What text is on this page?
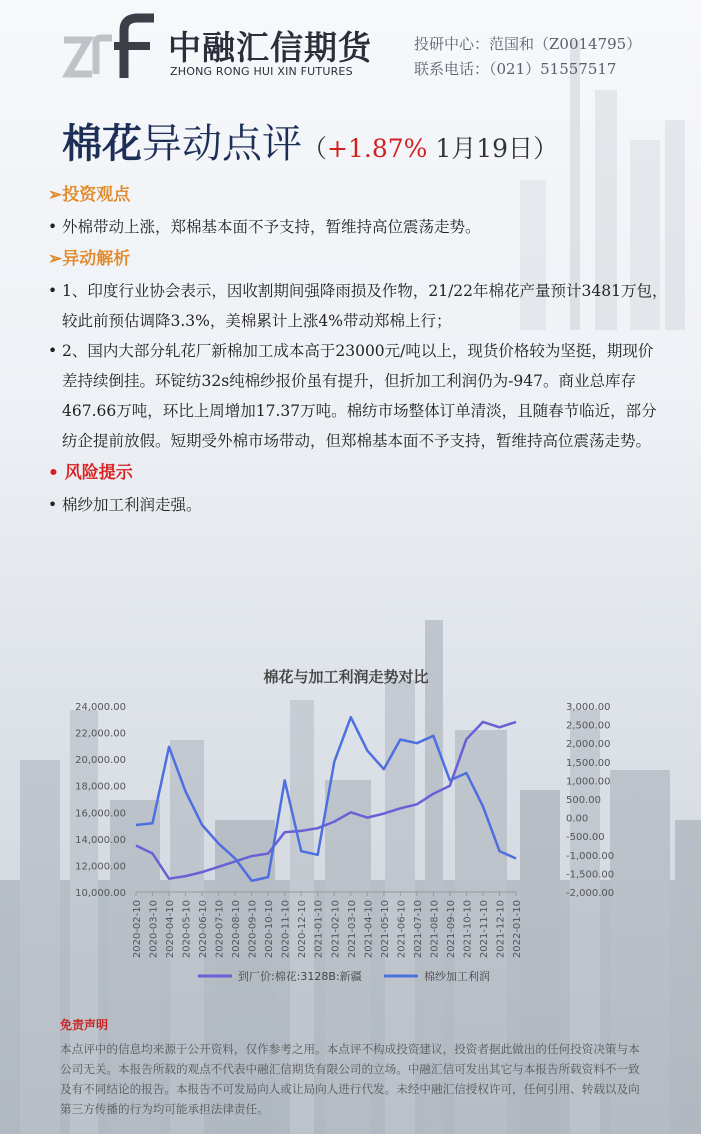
中融汇信期货
ZHONG RONG HUI XIN FUTURES
投研中心：范国和（Z0014795）
联系电话：（021）51557517
棉花异动点评（+1.87% 1月19日）
➢投资观点
• 外棉带动上涨，郑棉基本面不予支持，暂维持高位震荡走势。
➢异动解析
• 1、印度行业协会表示，因收割期间强降雨损及作物，21/22年棉花产量预计3481万包，较此前预估调降3.3%，美棉累计上涨4%带动郑棉上行；
• 2、国内大部分轧花厂新棉加工成本高于23000元/吨以上，现货价格较为坚挺，期现价差持续倒挂。环锭纺32s纯棉纱报价虽有提升，但折加工利润仍为-947。商业总库存467.66万吨，环比上周增加17.37万吨。棉纺市场整体订单清淡，且随春节临近，部分纺企提前放假。短期受外棉市场带动，但郑棉基本面不予支持，暂维持高位震荡走势。
• 风险提示
• 棉纱加工利润走强。
棉花与加工利润走势对比
10,000.00
12,000.00
14,000.00
16,000.00
18,000.00
20,000.00
22,000.00
24,000.00
-2,000.00
-1,500.00
-1,000.00
-500.00
0.00
500.00
1,000.00
1,500.00
2,000.00
2,500.00
3,000.00
2020-02-10 2020-03-10 2020-04-10 2020-05-10 2020-06-10 2020-07-10 2020-08-10 2020-09-10 2020-10-10 2020-11-10 2020-12-10 2021-01-10 2021-02-10 2021-03-10 2021-04-10 2021-05-10 2021-06-10 2021-07-10 2021-08-10 2021-09-10 2021-10-10 2021-11-10 2021-12-10 2022-01-10
到厂价:棉花:3128B:新疆	棉纱加工利润
免责声明
本点评中的信息均来源于公开资料，仅作参考之用。本点评不构成投资建议，投资者据此做出的任何投资决策与本公司无关。本报告所载的观点不代表中融汇信期货有限公司的立场。中融汇信可发出其它与本报告所载资料不一致及有不同结论的报告。本报告不可发局向人或让局向人进行代发。未经中融汇信授权许可，任何引用、转载以及向第三方传播的行为均可能承担法律责任。
